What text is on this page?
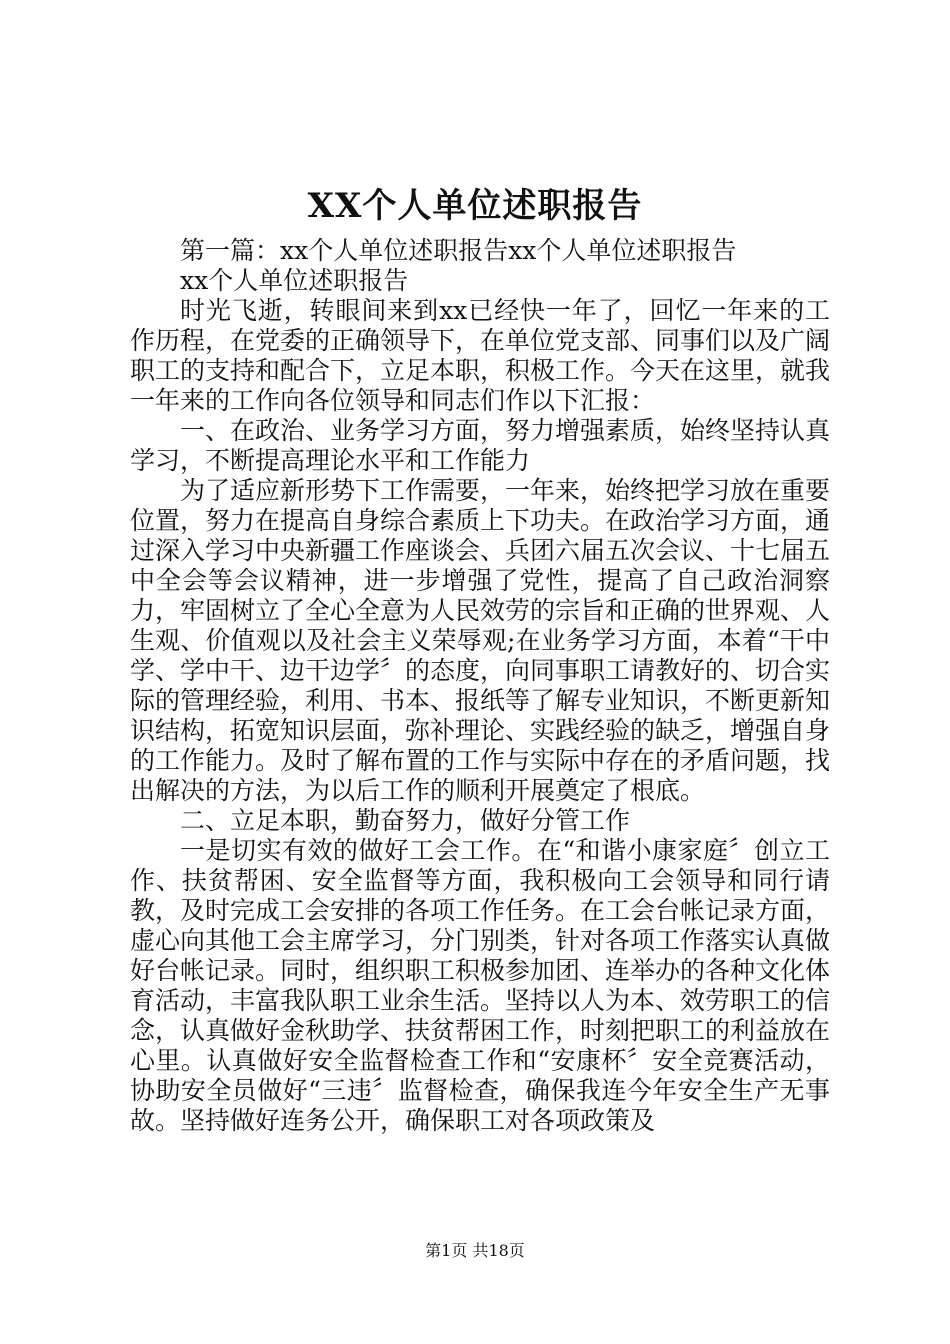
XX个人单位述职报告

第一篇：xx个人单位述职报告xx个人单位述职报告

xx个人单位述职报告

时光飞逝，转眼间来到xx已经快一年了，回忆一年来的工作历程，在党委的正确领导下，在单位党支部、同事们以及广阔职工的支持和配合下，立足本职，积极工作。今天在这里，就我一年来的工作向各位领导和同志们作以下汇报：

一、在政治、业务学习方面，努力增强素质，始终坚持认真学习，不断提高理论水平和工作能力

为了适应新形势下工作需要，一年来，始终把学习放在重要位置，努力在提高自身综合素质上下功夫。在政治学习方面，通过深入学习中央新疆工作座谈会、兵团六届五次会议、十七届五中全会等会议精神，进一步增强了党性，提高了自己政治洞察力，牢固树立了全心全意为人民效劳的宗旨和正确的世界观、人生观、价值观以及社会主义荣辱观;在业务学习方面，本着“干中学、学中干、边干边学〞的态度，向同事职工请教好的、切合实际的管理经验，利用、书本、报纸等了解专业知识，不断更新知识结构，拓宽知识层面，弥补理论、实践经验的缺乏，增强自身的工作能力。及时了解布置的工作与实际中存在的矛盾问题，找出解决的方法，为以后工作的顺利开展奠定了根底。

二、立足本职，勤奋努力，做好分管工作

一是切实有效的做好工会工作。在“和谐小康家庭〞创立工作、扶贫帮困、安全监督等方面，我积极向工会领导和同行请教，及时完成工会安排的各项工作任务。在工会台帐记录方面，虚心向其他工会主席学习，分门别类，针对各项工作落实认真做好台帐记录。同时，组织职工积极参加团、连举办的各种文化体育活动，丰富我队职工业余生活。坚持以人为本、效劳职工的信念，认真做好金秋助学、扶贫帮困工作，时刻把职工的利益放在心里。认真做好安全监督检查工作和“安康杯〞安全竞赛活动，协助安全员做好“三违〞监督检查，确保我连今年安全生产无事故。坚持做好连务公开，确保职工对各项政策及

第1页 共18页
